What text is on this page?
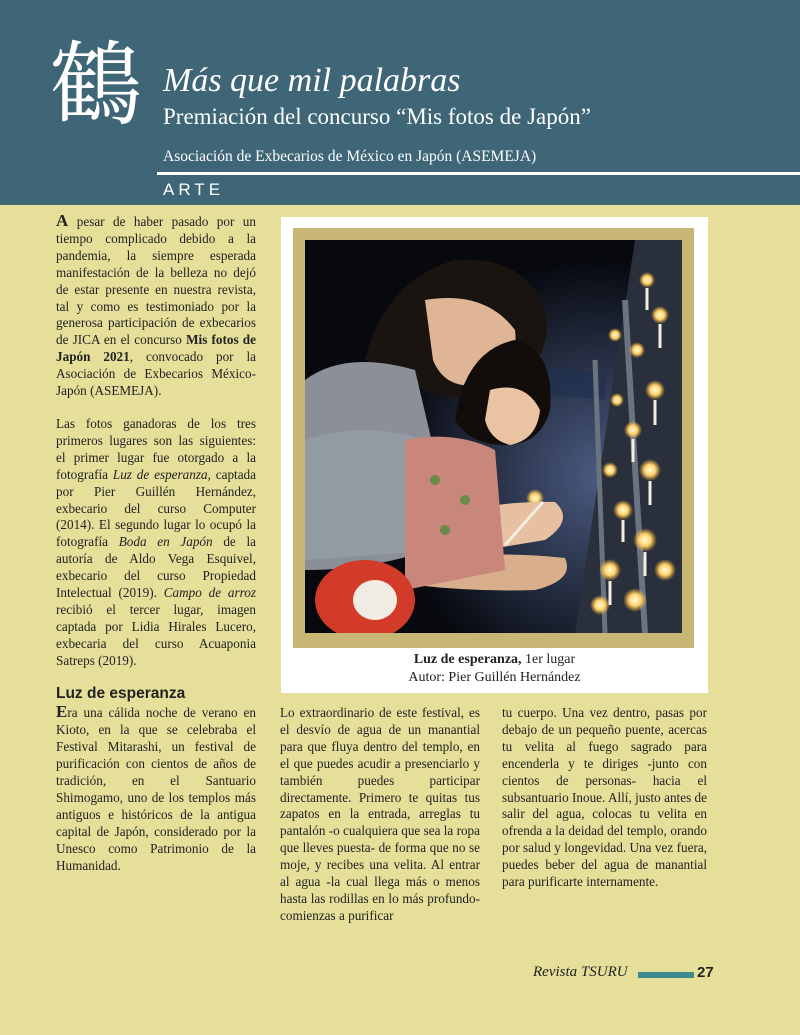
鶴 Más que mil palabras
Premiación del concurso “Mis fotos de Japón”
Asociación de Exbecarios de México en Japón (ASEMEJA)
ARTE

A pesar de haber pasado por un tiempo complicado debido a la pandemia, la siempre esperada manifestación de la belleza no dejó de estar presente en nuestra revista, tal y como es testimoniado por la generosa participación de exbecarios de JICA en el concurso Mis fotos de Japón 2021, convocado por la Asociación de Exbecarios México-Japón (ASEMEJA).

Las fotos ganadoras de los tres primeros lugares son las siguientes: el primer lugar fue otorgado a la fotografía Luz de esperanza, captada por Pier Guillén Hernández, exbecario del curso Computer (2014). El segundo lugar lo ocupó la fotografía Boda en Japón de la autoría de Aldo Vega Esquivel, exbecario del curso Propiedad Intelectual (2019). Campo de arroz recibió el tercer lugar, imagen captada por Lidia Hirales Lucero, exbecaria del curso Acuaponia Satreps (2019).

Luz de esperanza

Era una cálida noche de verano en Kioto, en la que se celebraba el Festival Mitarashi, un festival de purificación con cientos de años de tradición, en el Santuario Shimogamo, uno de los templos más antiguos e históricos de la antigua capital de Japón, considerado por la Unesco como Patrimonio de la Humanidad.

Luz de esperanza, 1er lugar
Autor: Pier Guillén Hernández
Lo extraordinario de este festival, es el desvío de agua de un manantial para que fluya dentro del templo, en el que puedes acudir a presenciarlo y también puedes participar directamente. Primero te quitas tus zapatos en la entrada, arreglas tu pantalón -o cualquiera que sea la ropa que lleves puesta- de forma que no se moje, y recibes una velita. Al entrar al agua -la cual llega más o menos hasta las rodillas en lo más profundo- comienzas a purificar
tu cuerpo. Una vez dentro, pasas por debajo de un pequeño puente, acercas tu velita al fuego sagrado para encenderla y te diriges -junto con cientos de personas- hacia el subsantuario Inoue. Allí, justo antes de salir del agua, colocas tu velita en ofrenda a la deidad del templo, orando por salud y longevidad. Una vez fuera, puedes beber del agua de manantial para purificarte internamente.
Revista TSURU	27
